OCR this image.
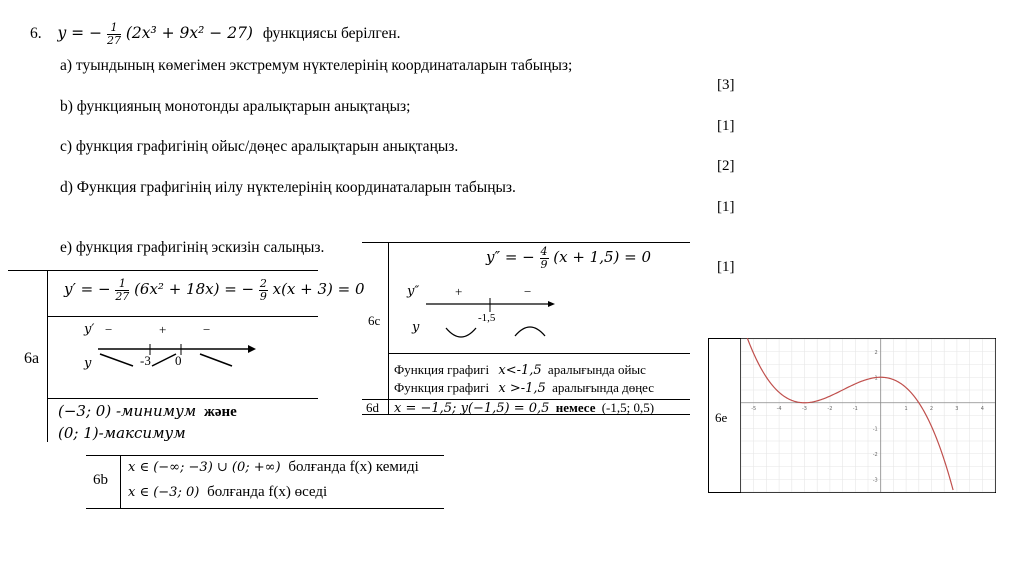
6. y = − $\frac{1}{27} (2x^3 + 9x^2 - 27)$ функциясы берілген.
a) туындының көмегімен экстремум нүктелерінің координаталарын табыңыз;
[3]
b) функцияның монотонды аралықтарын анықтаңыз;
[1]
c) функция графигінің ойыс/дөңес аралықтарын анықтаңыз.
[2]
d) Функция графигінің иілу нүктелерінің координаталарын табыңыз.
[1]
e) функция графигінің эскизін салыңыз.
[1]
6a
y′ = − $\frac{1}{27} (6x^2 + 18x)$ = − $\frac{2}{9} x(x + 3) = 0$
y′ −	+	−
y	-3 0
(−3; 0) -минимум және
(0; 1)-максимум
6b
x ∈ (−∞; −3) ∪ (0; +∞) болғанда f(x) кемиді
x ∈ (−3; 0) болғанда f(x) өседі
6c
y″ = − $\frac{4}{9} (x + 1,5) = 0$
y″	+	−
y
-1,5
Функция графигі x<-1,5 аралығында ойыс
Функция графигі x >-1,5 аралығында дөңес
6d x = −1,5; y(−1,5) = 0,5 немесе (-1,5; 0,5)
6e
-5	-4	-3	-2	-1	1	2	3	4
2
1
-1
-2
-3
